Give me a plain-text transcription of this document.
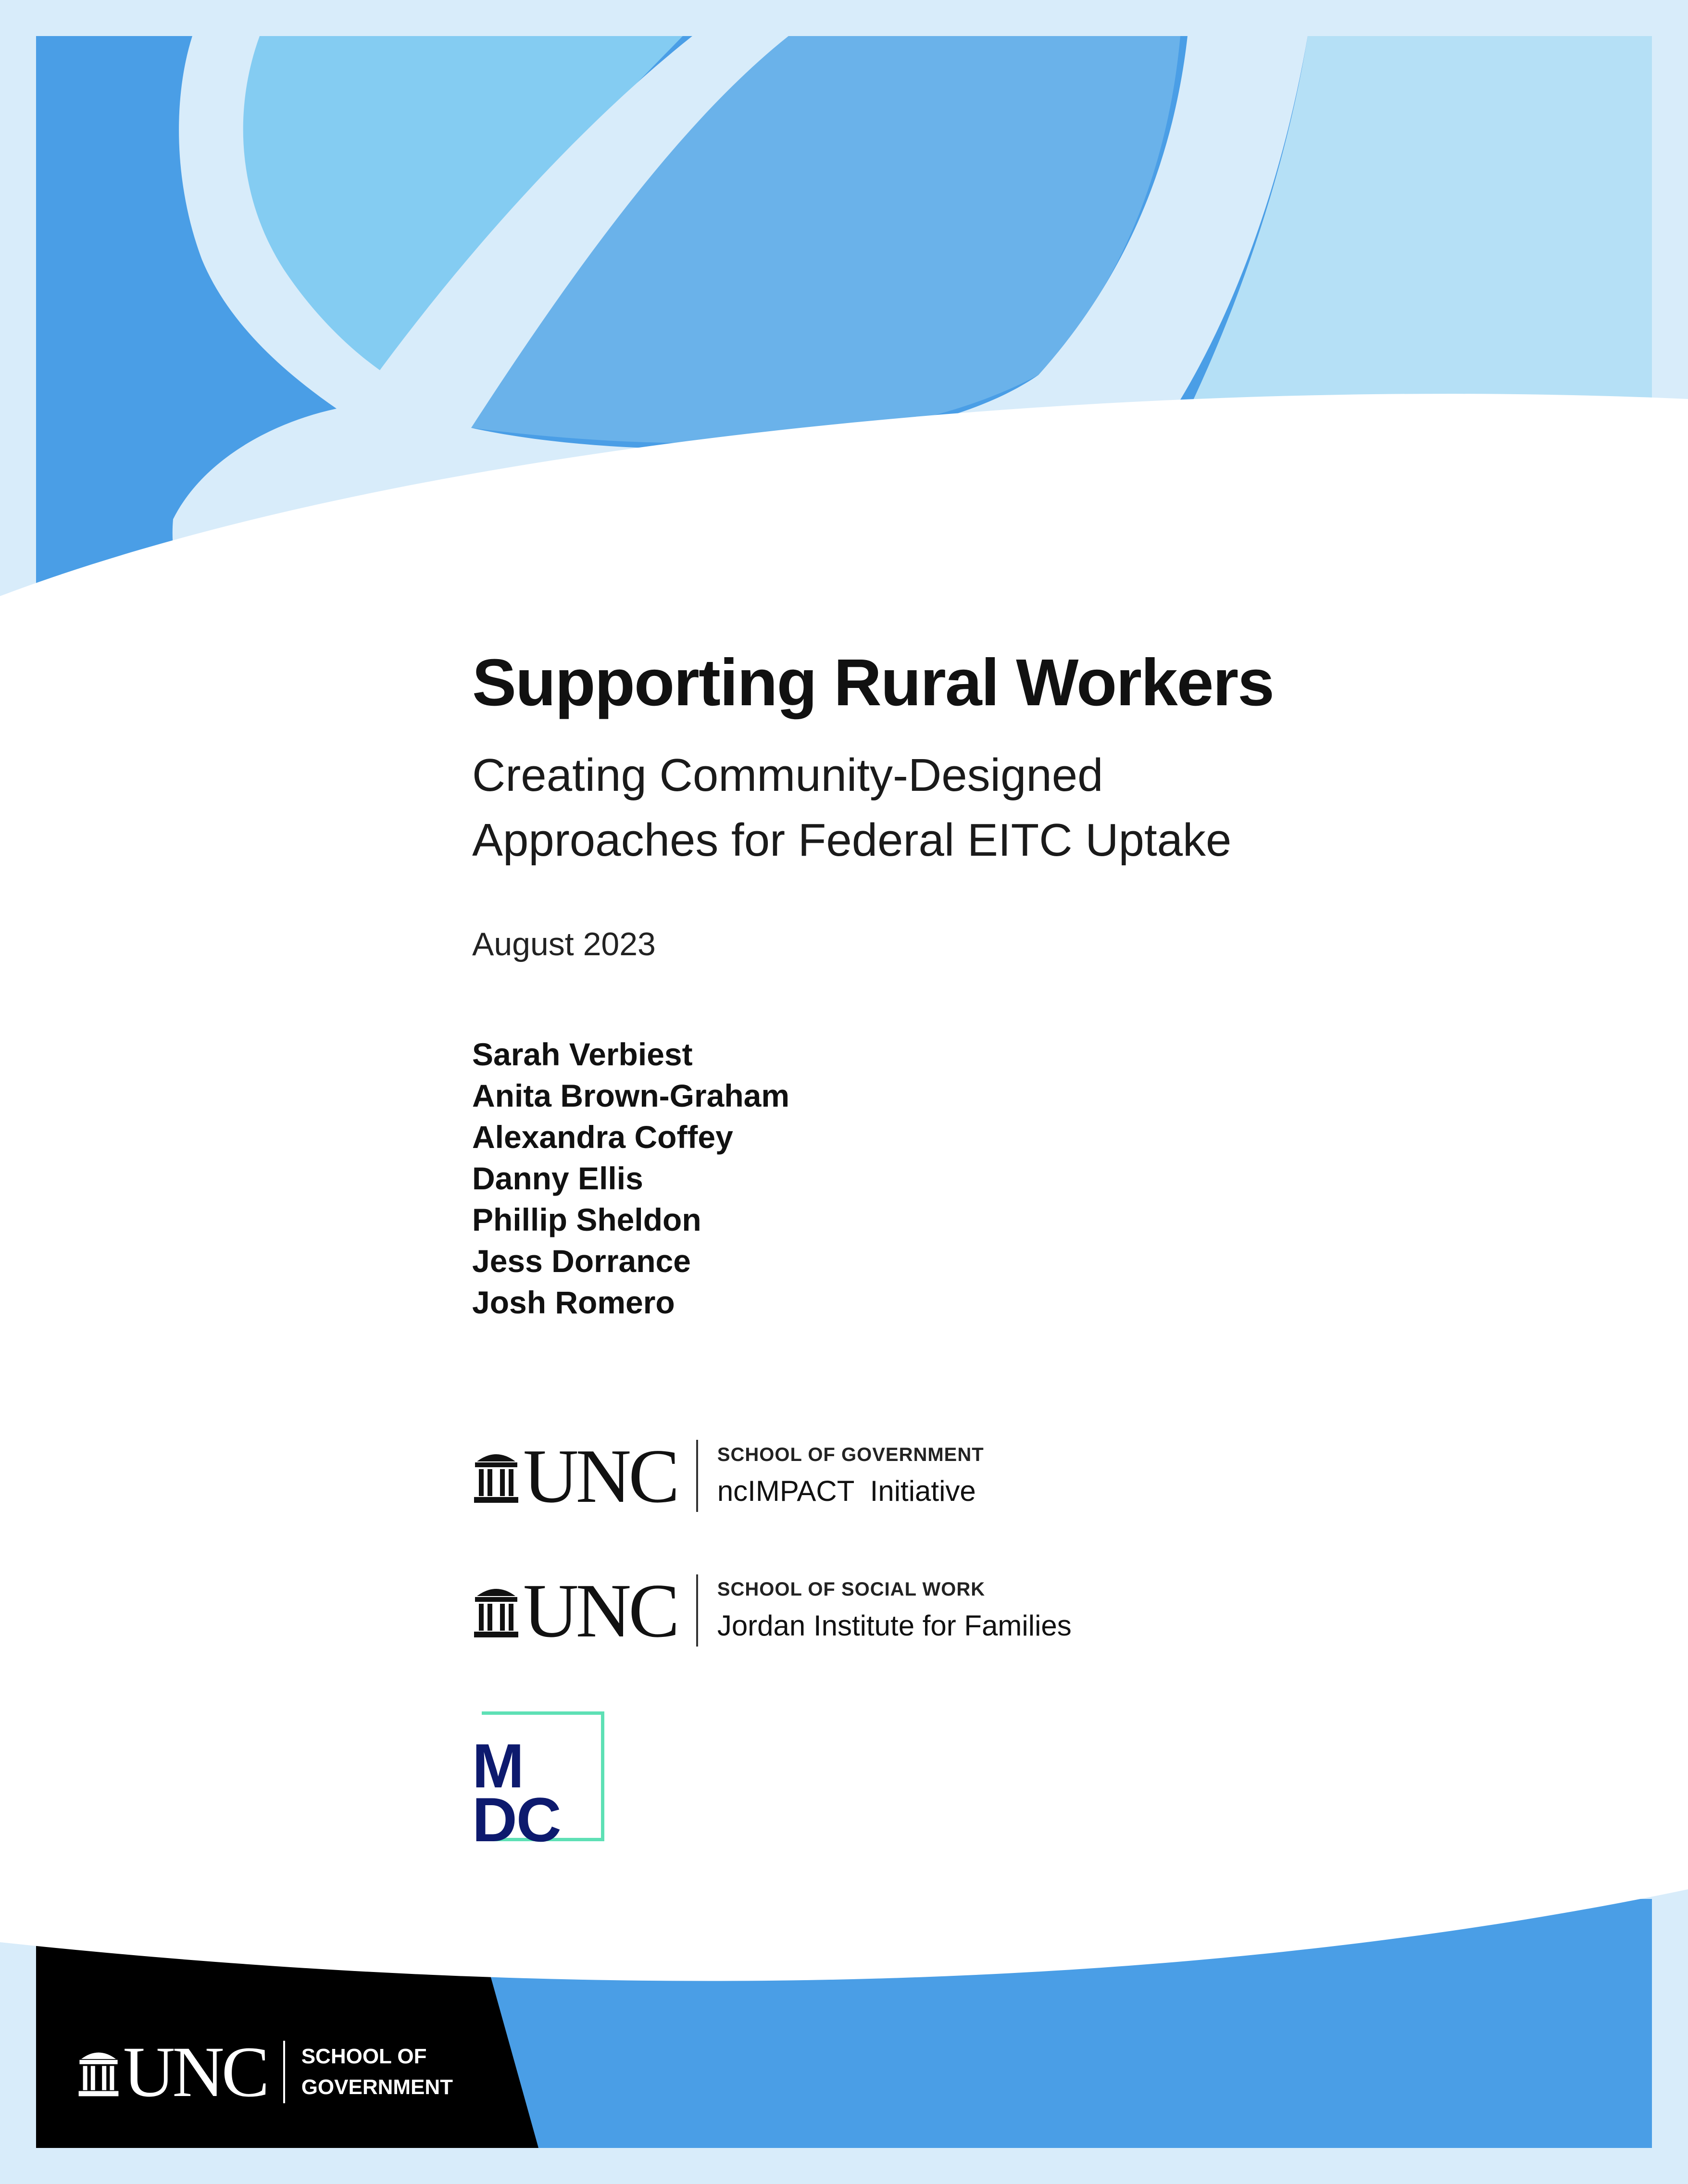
Supporting Rural Workers
Creating Community-Designed
Approaches for Federal EITC Uptake
August 2023
Sarah Verbiest
Anita Brown-Graham
Alexandra Coffey
Danny Ellis
Phillip Sheldon
Jess Dorrance
Josh Romero
UNC SCHOOL OF GOVERNMENT
ncIMPACT  Initiative
UNC SCHOOL OF SOCIAL WORK
Jordan Institute for Families
M
DC
UNC SCHOOL OF
GOVERNMENT
